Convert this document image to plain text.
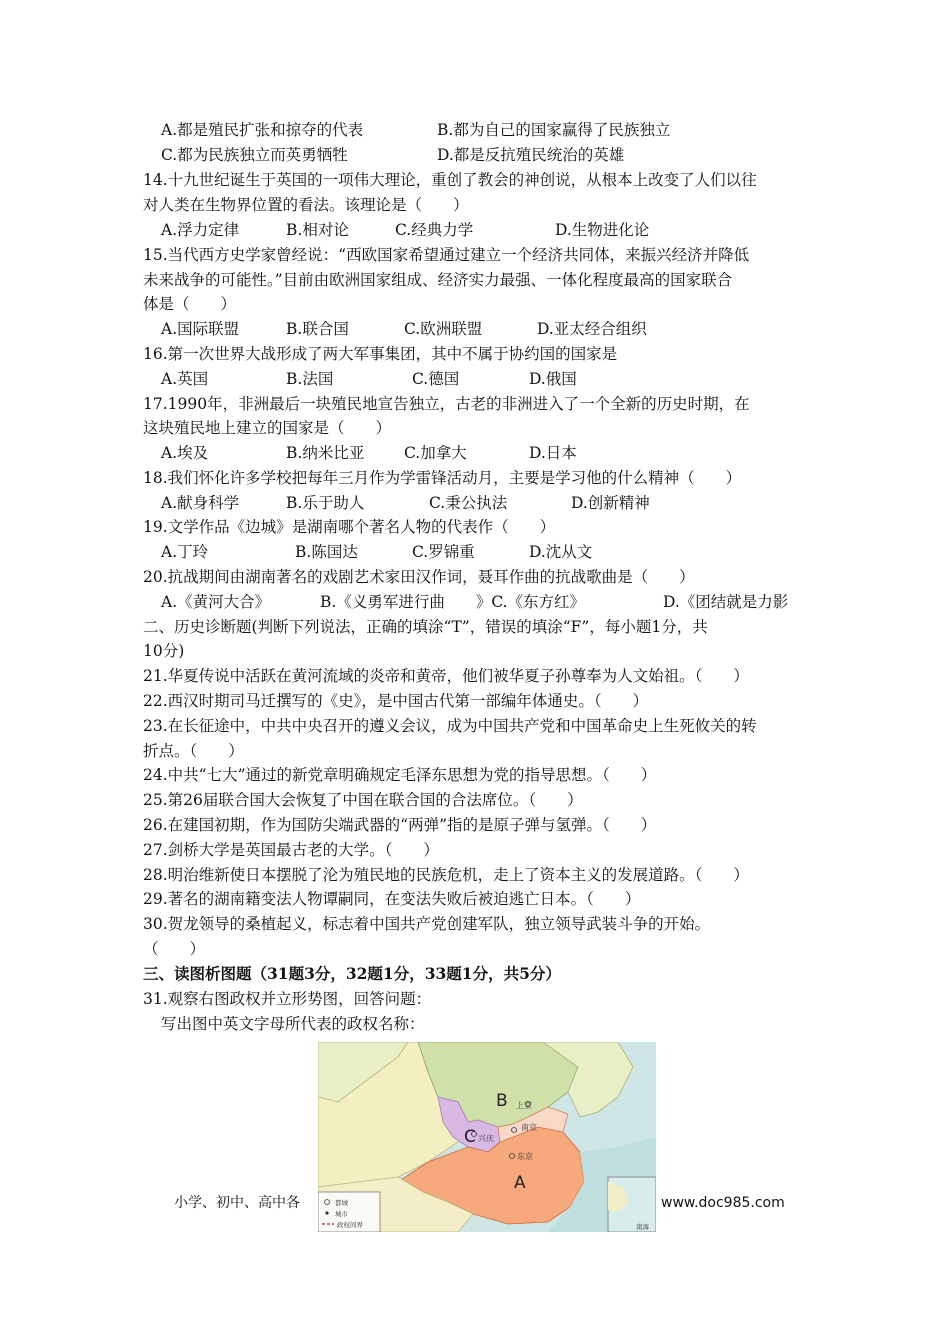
A.都是殖民扩张和掠夺的代表	B.都为自己的国家赢得了民族独立
C.都为民族独立而英勇牺牲	D.都是反抗殖民统治的英雄
14.十九世纪诞生于英国的一项伟大理论，重创了教会的神创说，从根本上改变了人们以往
对人类在生物界位置的看法。该理论是（　　）
A.浮力定律	B.相对论	C.经典力学	D.生物进化论
15.当代西方史学家曾经说：“西欧国家希望通过建立一个经济共同体，来振兴经济并降低
未来战争的可能性。”目前由欧洲国家组成、经济实力最强、一体化程度最高的国家联合
体是（　　）
A.国际联盟	B.联合国	C.欧洲联盟	D.亚太经合组织
16.第一次世界大战形成了两大军事集团，其中不属于协约国的国家是
A.英国	B.法国	C.德国	D.俄国
17.1990年，非洲最后一块殖民地宣告独立，古老的非洲进入了一个全新的历史时期，在
这块殖民地上建立的国家是（　　）
A.埃及	B.纳米比亚	C.加拿大	D.日本
18.我们怀化许多学校把每年三月作为学雷锋活动月，主要是学习他的什么精神（　　）
A.献身科学	B.乐于助人	C.秉公执法	D.创新精神
19.文学作品《边城》是湖南哪个著名人物的代表作（　　）
A.丁玲	B.陈国达	C.罗锦重	D.沈从文
20.抗战期间由湖南著名的戏剧艺术家田汉作词，聂耳作曲的抗战歌曲是（　　）
A.《黄河大合》	B.《义勇军进行曲　　》C.《东方红》	D.《团结就是力影
二、历史诊断题(判断下列说法，正确的填涂“T”，错误的填涂“F”，每小题1分，共
10分)
21.华夏传说中活跃在黄河流域的炎帝和黄帝，他们被华夏子孙尊奉为人文始祖。（　　）
22.西汉时期司马迁撰写的《史》，是中国古代第一部编年体通史。（　　）
23.在长征途中，中共中央召开的遵义会议，成为中国共产党和中国革命史上生死攸关的转
折点。（　　）
24.中共“七大”通过的新党章明确规定毛泽东思想为党的指导思想。（　　）
25.第26届联合国大会恢复了中国在联合国的合法席位。（　　）
26.在建国初期，作为国防尖端武器的“两弹”指的是原子弹与氢弹。（　　）
27.剑桥大学是英国最古老的大学。（　　）
28.明治维新使日本摆脱了沦为殖民地的民族危机，走上了资本主义的发展道路。（　　）
29.著名的湖南籍变法人物谭嗣同，在变法失败后被迫逃亡日本。（　　）
30.贺龙领导的桑植起义，标志着中国共产党创建军队，独立领导武装斗争的开始。
（　　）
三、读图析图题（31题3分，32题1分，33题1分，共5分）
31.观察右图政权并立形势图，回答问题：
写出图中英文字母所代表的政权名称：
B
C
A
上京
南京
兴庆
东京
都城
城市
政权间界	南海
小学、初中、高中各	www.doc985.com
